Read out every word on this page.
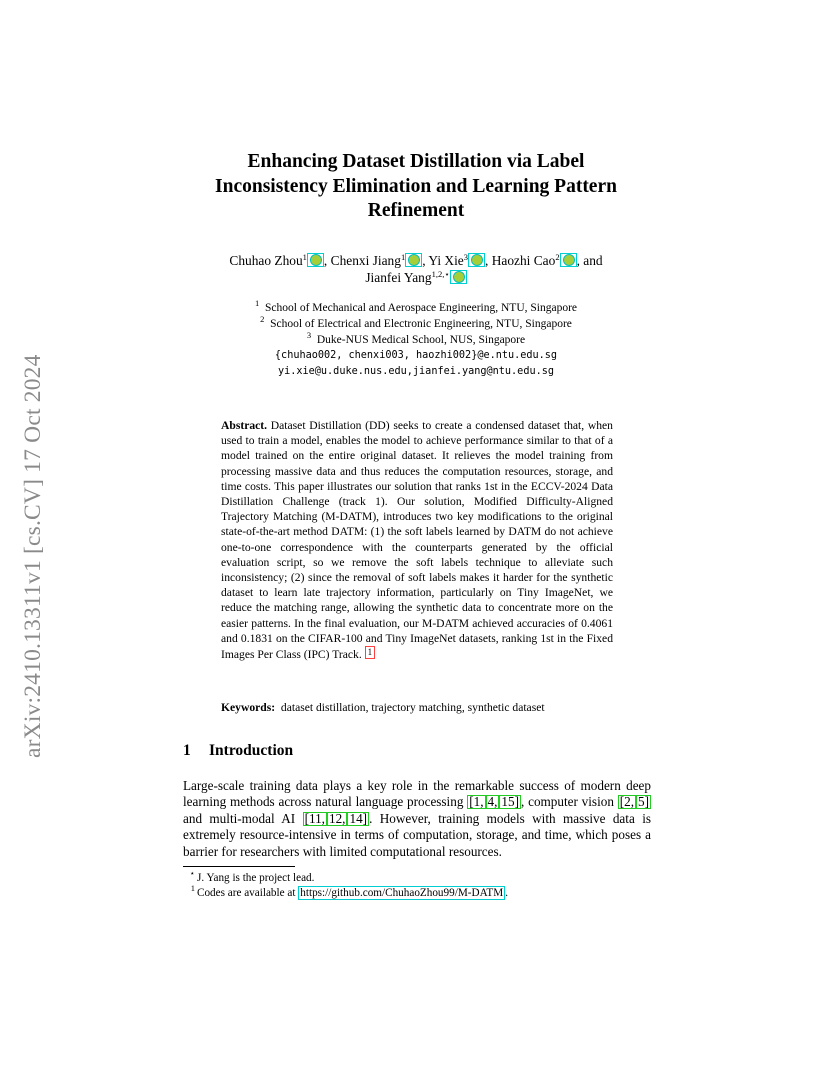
arXiv:2410.13311v1 [cs.CV] 17 Oct 2024
Enhancing Dataset Distillation via Label
Inconsistency Elimination and Learning Pattern
Refinement
Chuhao Zhou$^1$ , Chenxi Jiang$^1$ , Yi Xie$^3$ , Haozhi Cao$^2$ , and
Jianfei Yang$^{1,2,⋆}$
$^1$ School of Mechanical and Aerospace Engineering, NTU, Singapore
$^2$ School of Electrical and Electronic Engineering, NTU, Singapore
$^3$ Duke-NUS Medical School, NUS, Singapore
{chuhao002, chenxi003, haozhi002}@e.ntu.edu.sg
yi.xie@u.duke.nus.edu,jianfei.yang@ntu.edu.sg
Abstract. Dataset Distillation (DD) seeks to create a condensed dataset that, when used to train a model, enables the model to achieve performance similar to that of a model trained on the entire original dataset. It relieves the model training from processing massive data and thus reduces the computation resources, storage, and time costs. This paper illustrates our solution that ranks 1st in the ECCV-2024 Data Distillation Challenge (track 1). Our solution, Modified Difficulty-Aligned Trajectory Matching (M-DATM), introduces two key modifications to the original state-of-the-art method DATM: (1) the soft labels learned by DATM do not achieve one-to-one correspondence with the counterparts generated by the official evaluation script, so we remove the soft labels technique to alleviate such inconsistency; (2) since the removal of soft labels makes it harder for the synthetic dataset to learn late trajectory information, particularly on Tiny ImageNet, we reduce the matching range, allowing the synthetic data to concentrate more on the easier patterns. In the final evaluation, our M-DATM achieved accuracies of 0.4061 and 0.1831 on the CIFAR-100 and Tiny ImageNet datasets, ranking 1st in the Fixed Images Per Class (IPC) Track. 1
Keywords: dataset distillation, trajectory matching, synthetic dataset
1 Introduction
Large-scale training data plays a key role in the remarkable success of modern deep learning methods across natural language processing [1, 4, 15] , computer vision [2, 5] and multi-modal AI [11, 12, 14] . However, training models with massive data is extremely resource-intensive in terms of computation, storage, and time, which poses a barrier for researchers with limited computational resources.
⋆ J. Yang is the project lead.
$^1$ Codes are available at https://github.com/ChuhaoZhou99/M-DATM .
